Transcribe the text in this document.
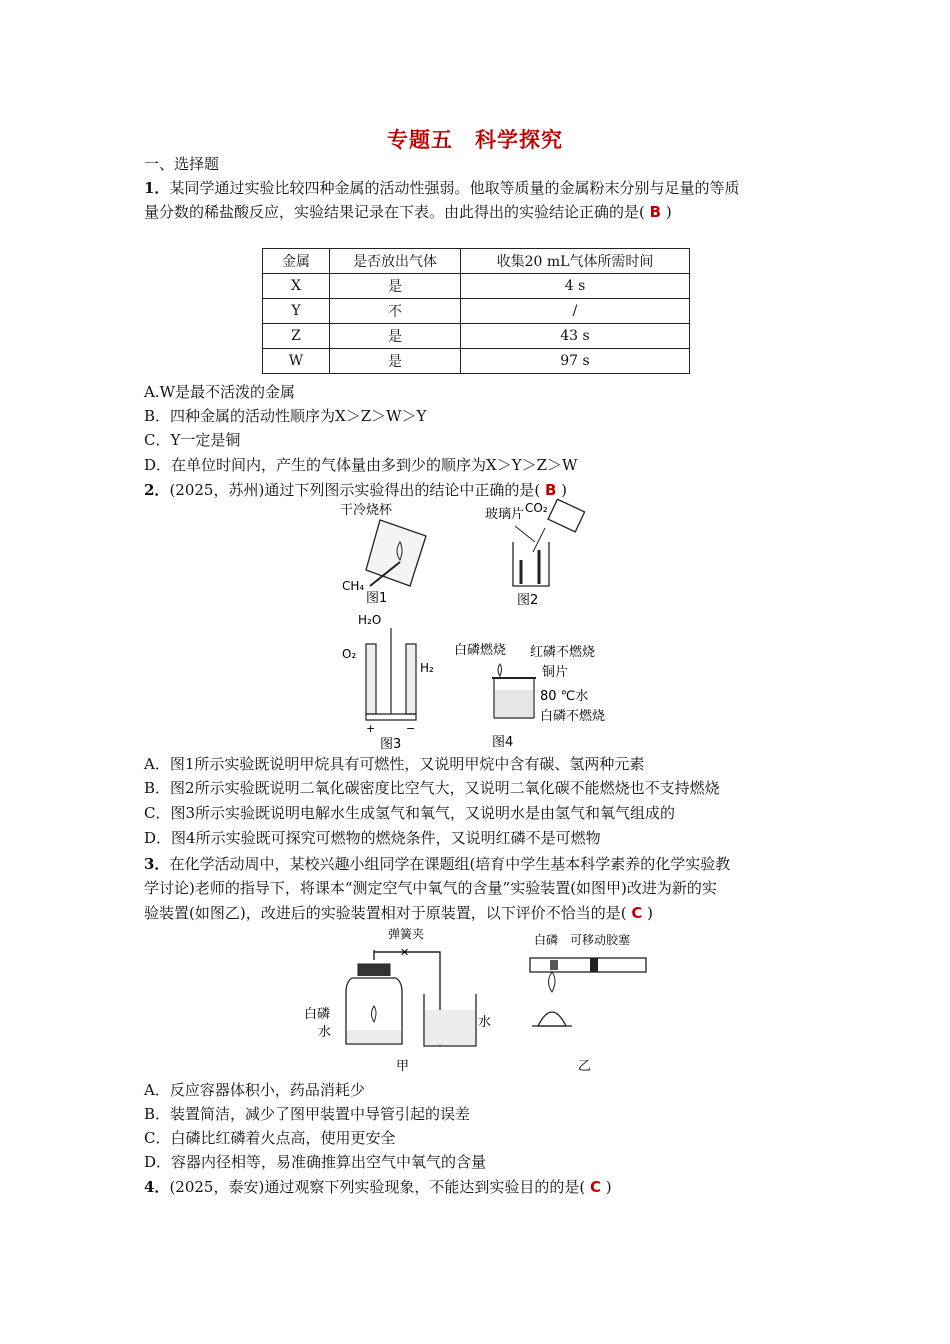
专题五　科学探究
一、选择题
1．某同学通过实验比较四种金属的活动性强弱。他取等质量的金属粉末分别与足量的等质
量分数的稀盐酸反应，实验结果记录在下表。由此得出的实验结论正确的是( B )
金属	是否放出气体	收集20 mL气体所需时间
X	是	4 s
Y	不	/
Z	是	43 s
W	是	97 s
A.W是最不活泼的金属
B．四种金属的活动性顺序为X＞Z＞W＞Y
C．Y一定是铜
D．在单位时间内，产生的气体量由多到少的顺序为X＞Y＞Z＞W
2．(2025，苏州)通过下列图示实验得出的结论中正确的是( B )
干冷烧杯
CH₄
图1
玻璃片 CO₂
图2
H₂O
O₂
H₂
+	−
图3
白磷燃烧 红磷不燃烧
铜片
80 ℃水
白磷不燃烧
图4
A．图1所示实验既说明甲烷具有可燃性，又说明甲烷中含有碳、氢两种元素
B．图2所示实验既说明二氧化碳密度比空气大，又说明二氧化碳不能燃烧也不支持燃烧
C．图3所示实验既说明电解水生成氢气和氧气，又说明水是由氢气和氧气组成的
D．图4所示实验既可探究可燃物的燃烧条件，又说明红磷不是可燃物
3．在化学活动周中，某校兴趣小组同学在课题组(培育中学生基本科学素养的化学实验教
学讨论)老师的指导下，将课本“测定空气中氧气的含量”实验装置(如图甲)改进为新的实
验装置(如图乙)，改进后的实验装置相对于原装置，以下评价不恰当的是( C )
弹簧夹
✕
白磷
水
水
甲
白磷 可移动胶塞
乙
A．反应容器体积小，药品消耗少
B．装置简洁，减少了图甲装置中导管引起的误差
C．白磷比红磷着火点高，使用更安全
D．容器内径相等，易准确推算出空气中氧气的含量
4．(2025，泰安)通过观察下列实验现象，不能达到实验目的的是( C )
